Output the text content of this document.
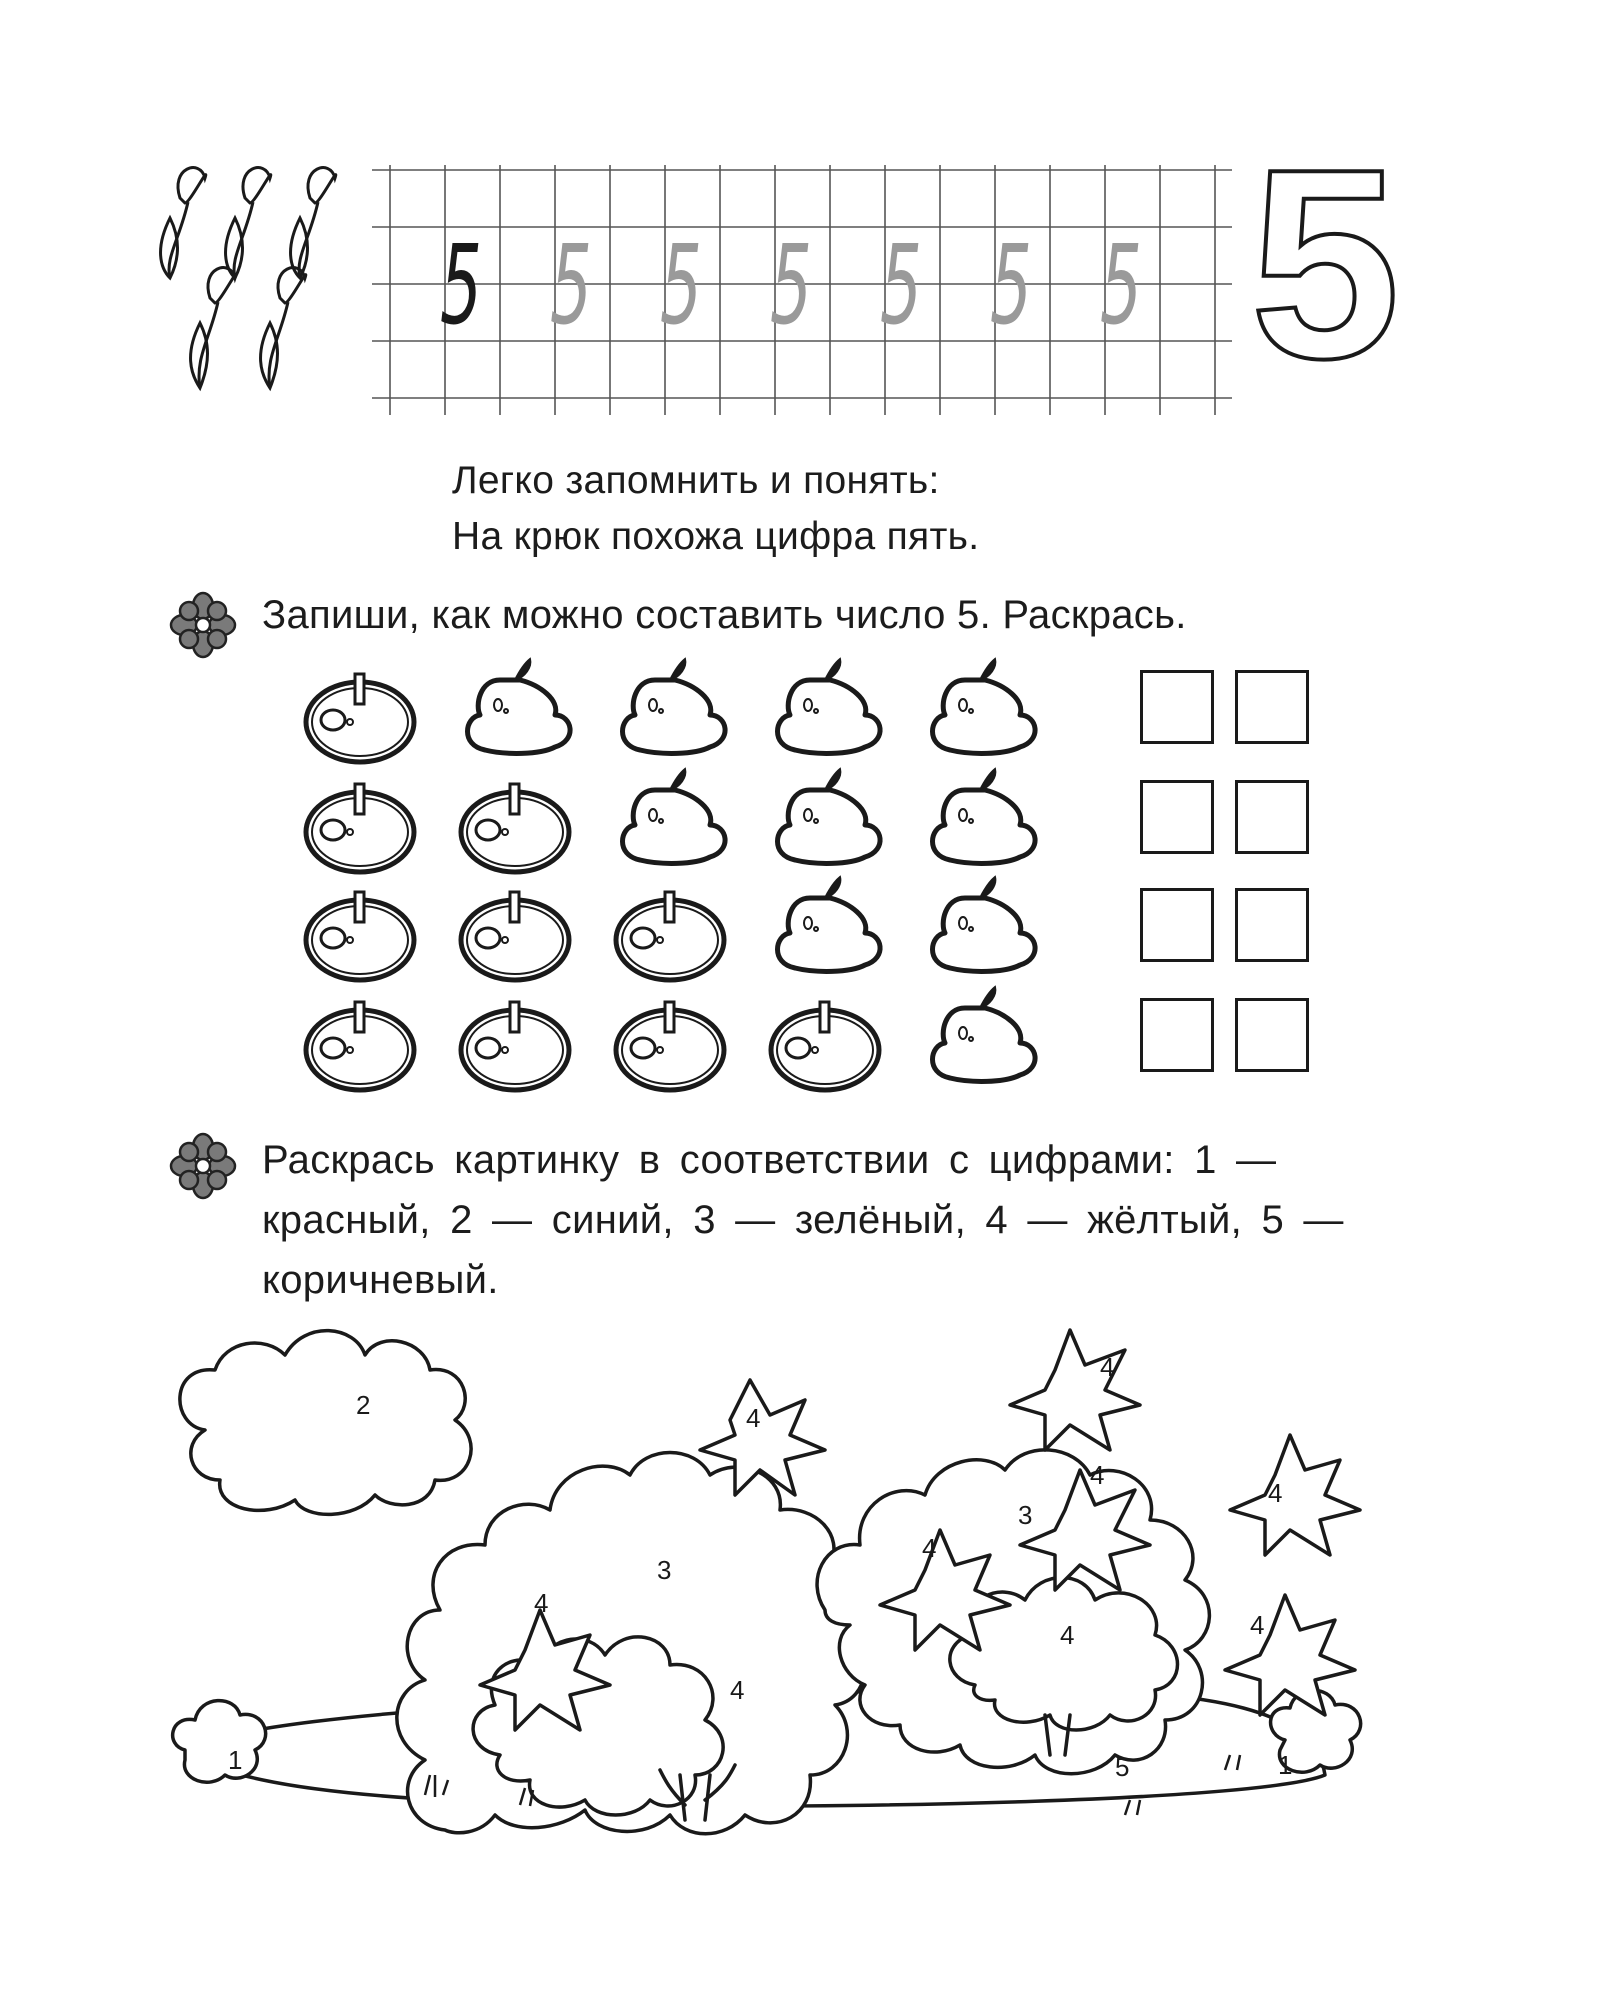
5 5 5 5 5 5 5 5
Легко запомнить и понять:
На крюк похожа цифра пять.
Запиши, как можно составить число 5. Раскрась.
Раскрась картинку в соответствии с цифрами: 1 —
красный, 2 — синий, 3 — зелёный, 4 — жёлтый, 5 —
коричневый.
2
3
3
4
4
5
1	1
4
4
4
4
4
4
4
